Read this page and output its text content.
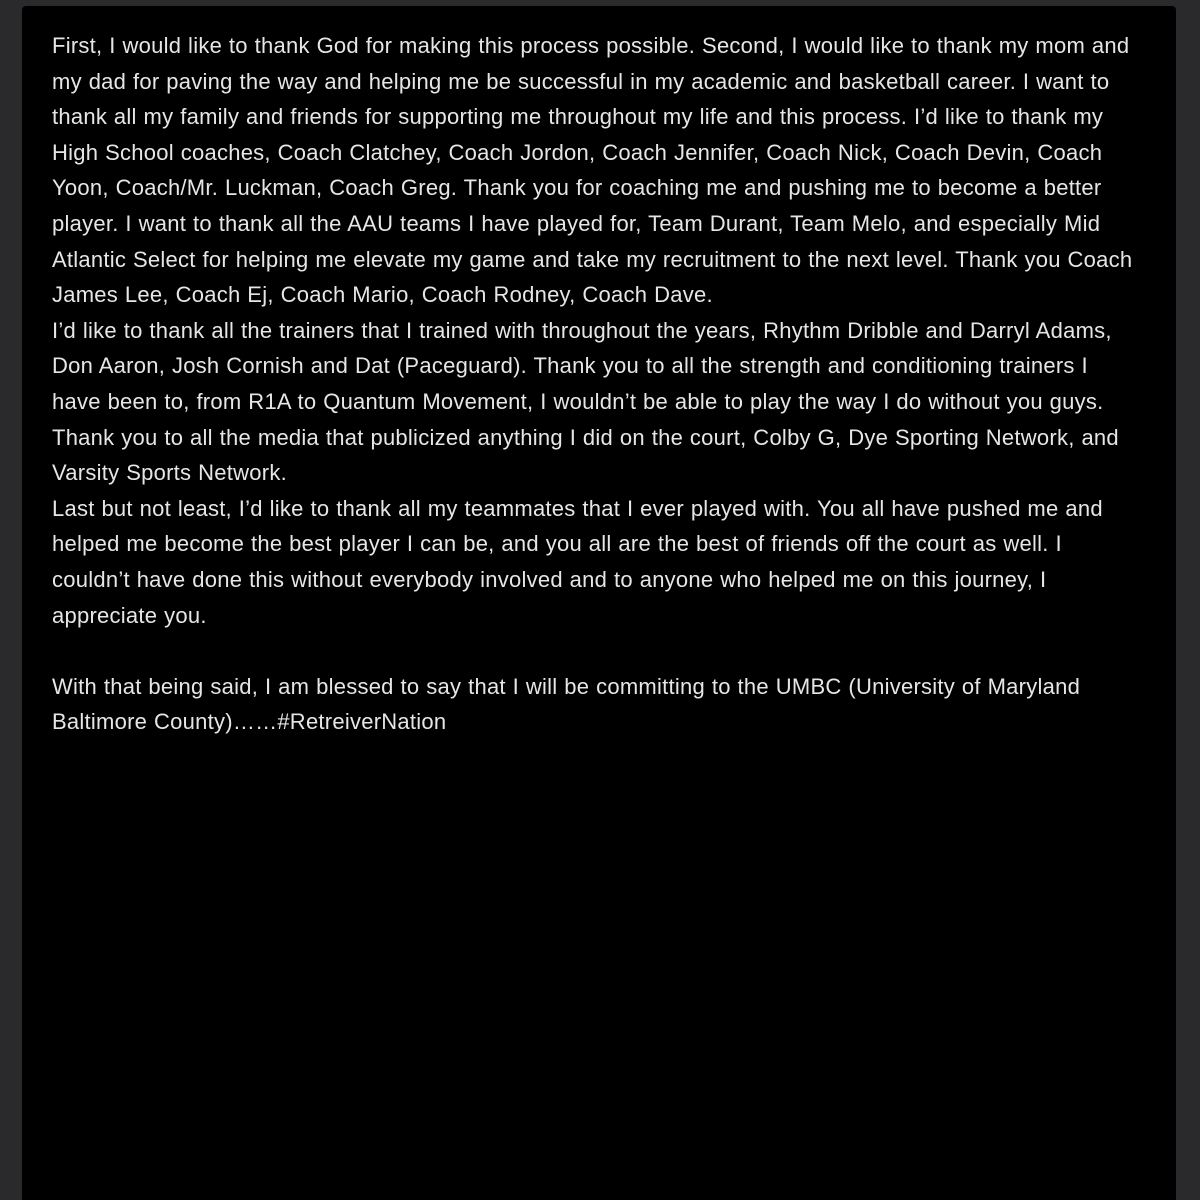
First, I would like to thank God for making this process possible. Second, I would like to thank my mom and my dad for paving the way and helping me be successful in my academic and basketball career. I want to thank all my family and friends for supporting me throughout my life and this process. I’d like to thank my High School coaches, Coach Clatchey, Coach Jordon, Coach Jennifer, Coach Nick, Coach Devin, Coach Yoon, Coach/Mr. Luckman, Coach Greg. Thank you for coaching me and pushing me to become a better player. I want to thank all the AAU teams I have played for, Team Durant, Team Melo, and especially Mid Atlantic Select for helping me elevate my game and take my recruitment to the next level. Thank you Coach James Lee, Coach Ej, Coach Mario, Coach Rodney, Coach Dave.

I’d like to thank all the trainers that I trained with throughout the years, Rhythm Dribble and Darryl Adams, Don Aaron, Josh Cornish and Dat (Paceguard). Thank you to all the strength and conditioning trainers I have been to, from R1A to Quantum Movement, I wouldn’t be able to play the way I do without you guys. Thank you to all the media that publicized anything I did on the court, Colby G, Dye Sporting Network, and Varsity Sports Network.

Last but not least, I’d like to thank all my teammates that I ever played with. You all have pushed me and helped me become the best player I can be, and you all are the best of friends off the court as well. I couldn’t have done this without everybody involved and to anyone who helped me on this journey, I appreciate you.

With that being said, I am blessed to say that I will be committing to the UMBC (University of Maryland Baltimore County)……#RetreiverNation
